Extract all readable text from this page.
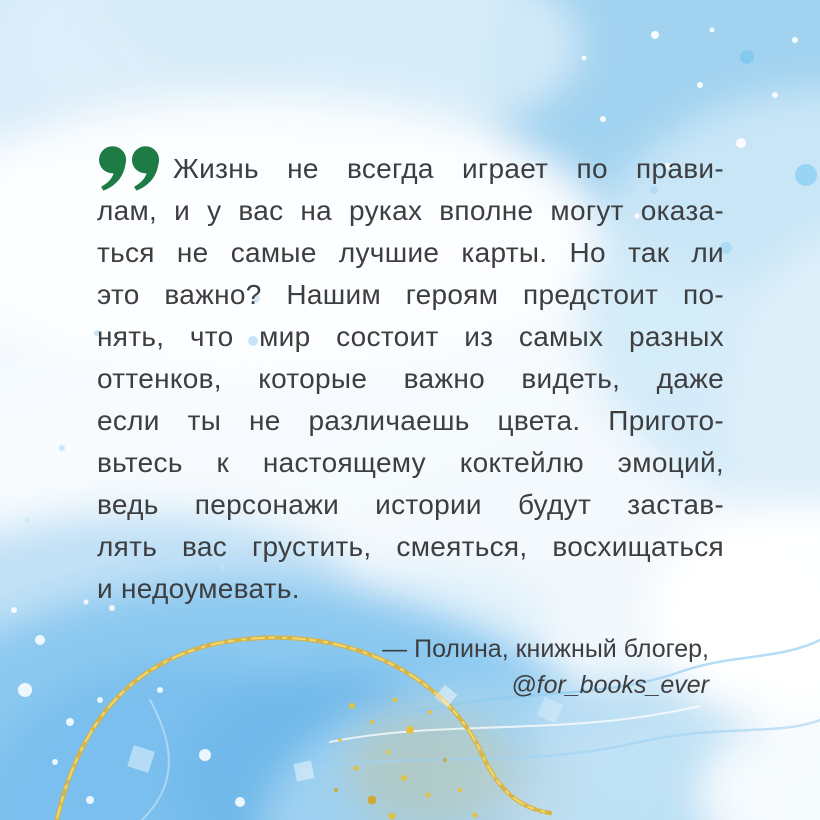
Жизнь не всегда играет по прави-
лам, и у вас на руках вполне могут оказа-
ться не самые лучшие карты. Но так ли
это важно? Нашим героям предстоит по-
нять, что мир состоит из самых разных
оттенков, которые важно видеть, даже
если ты не различаешь цвета. Пригото-
вьтесь к настоящему коктейлю эмоций,
ведь персонажи истории будут застав-
лять вас грустить, смеяться, восхищаться
и недоумевать.
— Полина, книжный блогер,
@for_books_ever
